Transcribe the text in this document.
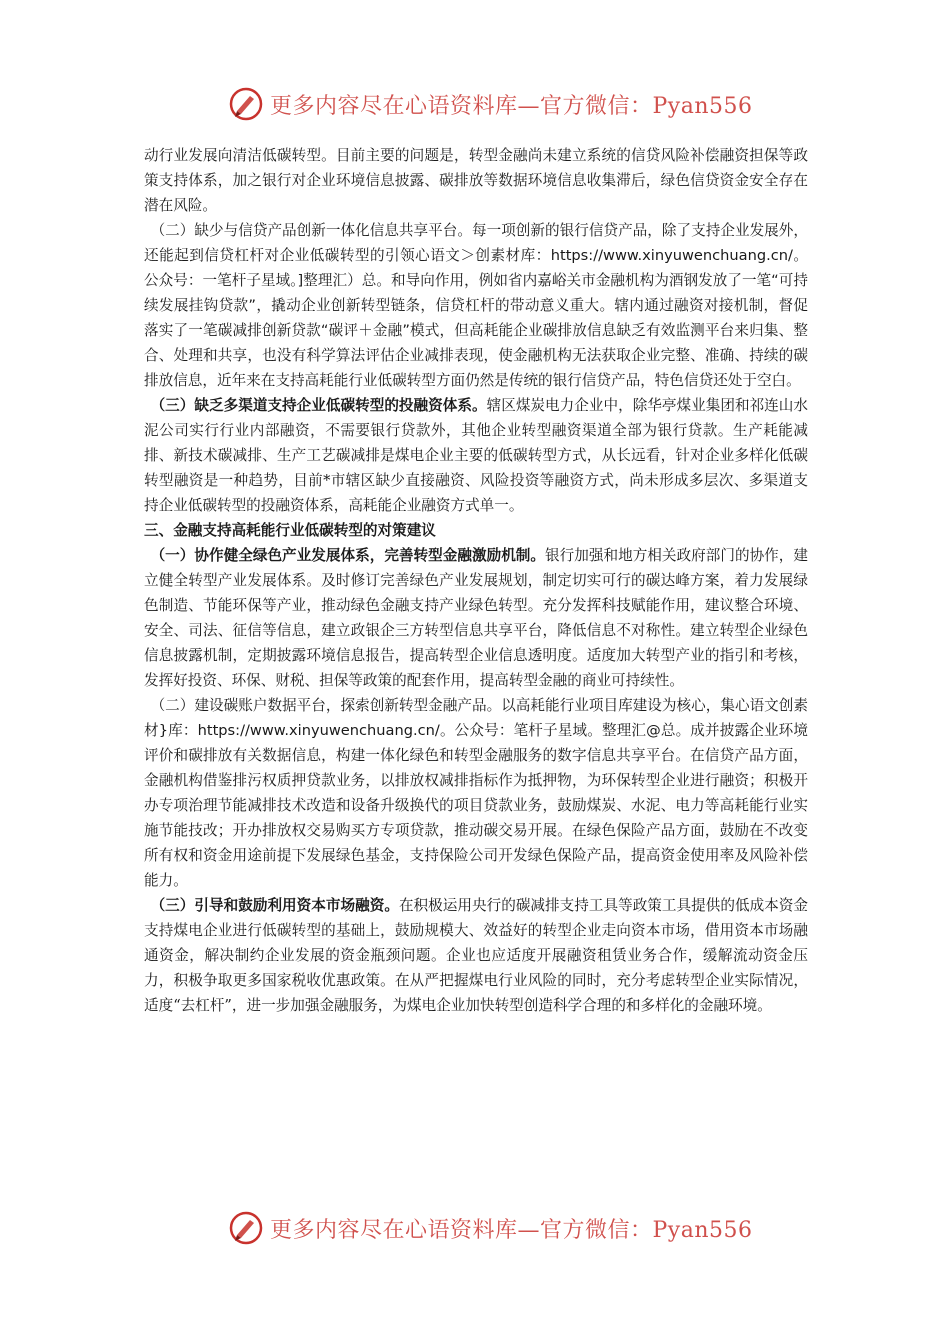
更多内容尽在心语资料库—官方微信：Pyan556

动行业发展向清洁低碳转型。目前主要的问题是，转型金融尚未建立系统的信贷风险补偿融资担保等政策支持体系，加之银行对企业环境信息披露、碳排放等数据环境信息收集滞后，绿色信贷资金安全存在潜在风险。

（二）缺少与信贷产品创新一体化信息共享平台。每一项创新的银行信贷产品，除了支持企业发展外，还能起到信贷杠杆对企业低碳转型的引领心语文＞创素材库：https://www.xinyuwenchuang.cn/。公众号：一笔杆子星域。]整理汇）总。和导向作用，例如省内嘉峪关市金融机构为酒钢发放了一笔“可持续发展挂钩贷款”，撬动企业创新转型链条，信贷杠杆的带动意义重大。辖内通过融资对接机制，督促落实了一笔碳减排创新贷款“碳评＋金融”模式，但高耗能企业碳排放信息缺乏有效监测平台来归集、整合、处理和共享，也没有科学算法评估企业减排表现，使金融机构无法获取企业完整、准确、持续的碳排放信息，近年来在支持高耗能行业低碳转型方面仍然是传统的银行信贷产品，特色信贷还处于空白。

（三）缺乏多渠道支持企业低碳转型的投融资体系。辖区煤炭电力企业中，除华亭煤业集团和祁连山水泥公司实行行业内部融资，不需要银行贷款外，其他企业转型融资渠道全部为银行贷款。生产耗能减排、新技术碳减排、生产工艺碳减排是煤电企业主要的低碳转型方式，从长远看，针对企业多样化低碳转型融资是一种趋势，目前*市辖区缺少直接融资、风险投资等融资方式，尚未形成多层次、多渠道支持企业低碳转型的投融资体系，高耗能企业融资方式单一。

三、金融支持高耗能行业低碳转型的对策建议

（一）协作健全绿色产业发展体系，完善转型金融激励机制。银行加强和地方相关政府部门的协作，建立健全转型产业发展体系。及时修订完善绿色产业发展规划，制定切实可行的碳达峰方案，着力发展绿色制造、节能环保等产业，推动绿色金融支持产业绿色转型。充分发挥科技赋能作用，建议整合环境、安全、司法、征信等信息，建立政银企三方转型信息共享平台，降低信息不对称性。建立转型企业绿色信息披露机制，定期披露环境信息报告，提高转型企业信息透明度。适度加大转型产业的指引和考核，发挥好投资、环保、财税、担保等政策的配套作用，提高转型金融的商业可持续性。

（二）建设碳账户数据平台，探索创新转型金融产品。以高耗能行业项目库建设为核心，集心语文创素材}库：https://www.xinyuwenchuang.cn/。公众号：笔杆子星域。整理汇@总。成并披露企业环境评价和碳排放有关数据信息，构建一体化绿色和转型金融服务的数字信息共享平台。在信贷产品方面，金融机构借鉴排污权质押贷款业务，以排放权减排指标作为抵押物，为环保转型企业进行融资；积极开办专项治理节能减排技术改造和设备升级换代的项目贷款业务，鼓励煤炭、水泥、电力等高耗能行业实施节能技改；开办排放权交易购买方专项贷款，推动碳交易开展。在绿色保险产品方面，鼓励在不改变所有权和资金用途前提下发展绿色基金，支持保险公司开发绿色保险产品，提高资金使用率及风险补偿能力。

（三）引导和鼓励利用资本市场融资。在积极运用央行的碳减排支持工具等政策工具提供的低成本资金支持煤电企业进行低碳转型的基础上，鼓励规模大、效益好的转型企业走向资本市场，借用资本市场融通资金，解决制约企业发展的资金瓶颈问题。企业也应适度开展融资租赁业务合作，缓解流动资金压力，积极争取更多国家税收优惠政策。在从严把握煤电行业风险的同时，充分考虑转型企业实际情况，适度“去杠杆”，进一步加强金融服务，为煤电企业加快转型创造科学合理的和多样化的金融环境。

更多内容尽在心语资料库—官方微信：Pyan556
